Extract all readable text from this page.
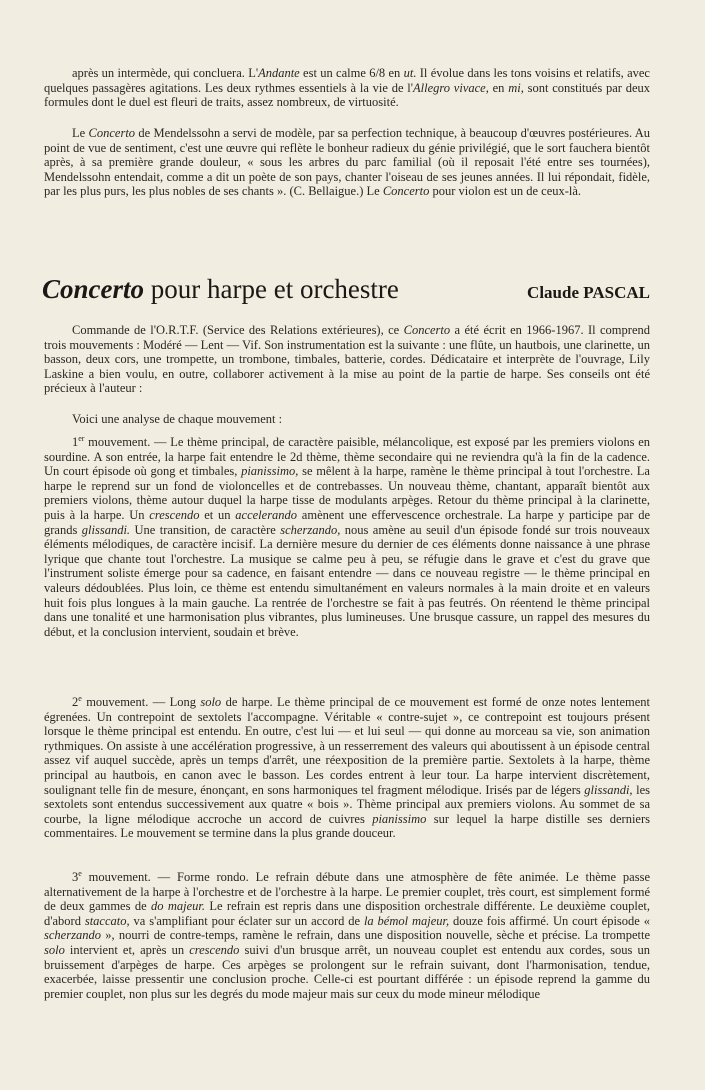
après un intermède, qui concluera. L'Andante est un calme 6/8 en ut. Il évolue dans les tons voisins et relatifs, avec quelques passagères agitations. Les deux rythmes essentiels à la vie de l'Allegro vivace, en mi, sont constitués par deux formules dont le duel est fleuri de traits, assez nombreux, de virtuosité.

Le Concerto de Mendelssohn a servi de modèle, par sa perfection technique, à beaucoup d'œuvres postérieures. Au point de vue de sentiment, c'est une œuvre qui reflète le bonheur radieux du génie privilégié, que le sort fauchera bientôt après, à sa première grande douleur, « sous les arbres du parc familial (où il reposait l'été entre ses tournées), Mendelssohn entendait, comme a dit un poète de son pays, chanter l'oiseau de ses jeunes années. Il lui répondait, fidèle, par les plus purs, les plus nobles de ses chants ». (C. Bellaigue.) Le Concerto pour violon est un de ceux-là.

Concerto pour harpe et orchestre	Claude PASCAL

Commande de l'O.R.T.F. (Service des Relations extérieures), ce Concerto a été écrit en 1966-1967. Il comprend trois mouvements : Modéré — Lent — Vif. Son instrumentation est la suivante : une flûte, un hautbois, une clarinette, un basson, deux cors, une trompette, un trombone, timbales, batterie, cordes. Dédicataire et interprète de l'ouvrage, Lily Laskine a bien voulu, en outre, collaborer activement à la mise au point de la partie de harpe. Ses conseils ont été précieux à l'auteur :

Voici une analyse de chaque mouvement :

1er mouvement. — Le thème principal, de caractère paisible, mélancolique, est exposé par les premiers violons en sourdine. A son entrée, la harpe fait entendre le 2d thème, thème secondaire qui ne reviendra qu'à la fin de la cadence. Un court épisode où gong et timbales, pianissimo, se mêlent à la harpe, ramène le thème principal à tout l'orchestre. La harpe le reprend sur un fond de violoncelles et de contrebasses. Un nouveau thème, chantant, apparaît bientôt aux premiers violons, thème autour duquel la harpe tisse de modulants arpèges. Retour du thème principal à la clarinette, puis à la harpe. Un crescendo et un accelerando amènent une effervescence orchestrale. La harpe y participe par de grands glissandi. Une transition, de caractère scherzando, nous amène au seuil d'un épisode fondé sur trois nouveaux éléments mélodiques, de caractère incisif. La dernière mesure du dernier de ces éléments donne naissance à une phrase lyrique que chante tout l'orchestre. La musique se calme peu à peu, se réfugie dans le grave et c'est du grave que l'instrument soliste émerge pour sa cadence, en faisant entendre — dans ce nouveau registre — le thème principal en valeurs dédoublées. Plus loin, ce thème est entendu simultanément en valeurs normales à la main droite et en valeurs huit fois plus longues à la main gauche. La rentrée de l'orchestre se fait à pas feutrés. On réentend le thème principal dans une tonalité et une harmonisation plus vibrantes, plus lumineuses. Une brusque cassure, un rappel des mesures du début, et la conclusion intervient, soudain et brève.

2e mouvement. — Long solo de harpe. Le thème principal de ce mouvement est formé de onze notes lentement égrenées. Un contrepoint de sextolets l'accompagne. Véritable « contre-sujet », ce contrepoint est toujours présent lorsque le thème principal est entendu. En outre, c'est lui — et lui seul — qui donne au morceau sa vie, son animation rythmiques. On assiste à une accélération progressive, à un resserrement des valeurs qui aboutissent à un épisode central assez vif auquel succède, après un temps d'arrêt, une réexposition de la première partie. Sextolets à la harpe, thème principal au hautbois, en canon avec le basson. Les cordes entrent à leur tour. La harpe intervient discrètement, soulignant telle fin de mesure, énonçant, en sons harmoniques tel fragment mélodique. Irisés par de légers glissandi, les sextolets sont entendus successivement aux quatre « bois ». Thème principal aux premiers violons. Au sommet de sa courbe, la ligne mélodique accroche un accord de cuivres pianissimo sur lequel la harpe distille ses derniers commentaires. Le mouvement se termine dans la plus grande douceur.

3e mouvement. — Forme rondo. Le refrain débute dans une atmosphère de fête animée. Le thème passe alternativement de la harpe à l'orchestre et de l'orchestre à la harpe. Le premier couplet, très court, est simplement formé de deux gammes de do majeur. Le refrain est repris dans une disposition orchestrale différente. Le deuxième couplet, d'abord staccato, va s'amplifiant pour éclater sur un accord de la bémol majeur, douze fois affirmé. Un court épisode « scherzando », nourri de contre-temps, ramène le refrain, dans une disposition nouvelle, sèche et précise. La trompette solo intervient et, après un crescendo suivi d'un brusque arrêt, un nouveau couplet est entendu aux cordes, sous un bruissement d'arpèges de harpe. Ces arpèges se prolongent sur le refrain suivant, dont l'harmonisation, tendue, exacerbée, laisse pressentir une conclusion proche. Celle-ci est pourtant différée : un épisode reprend la gamme du premier couplet, non plus sur les degrés du mode majeur mais sur ceux du mode mineur mélodique
